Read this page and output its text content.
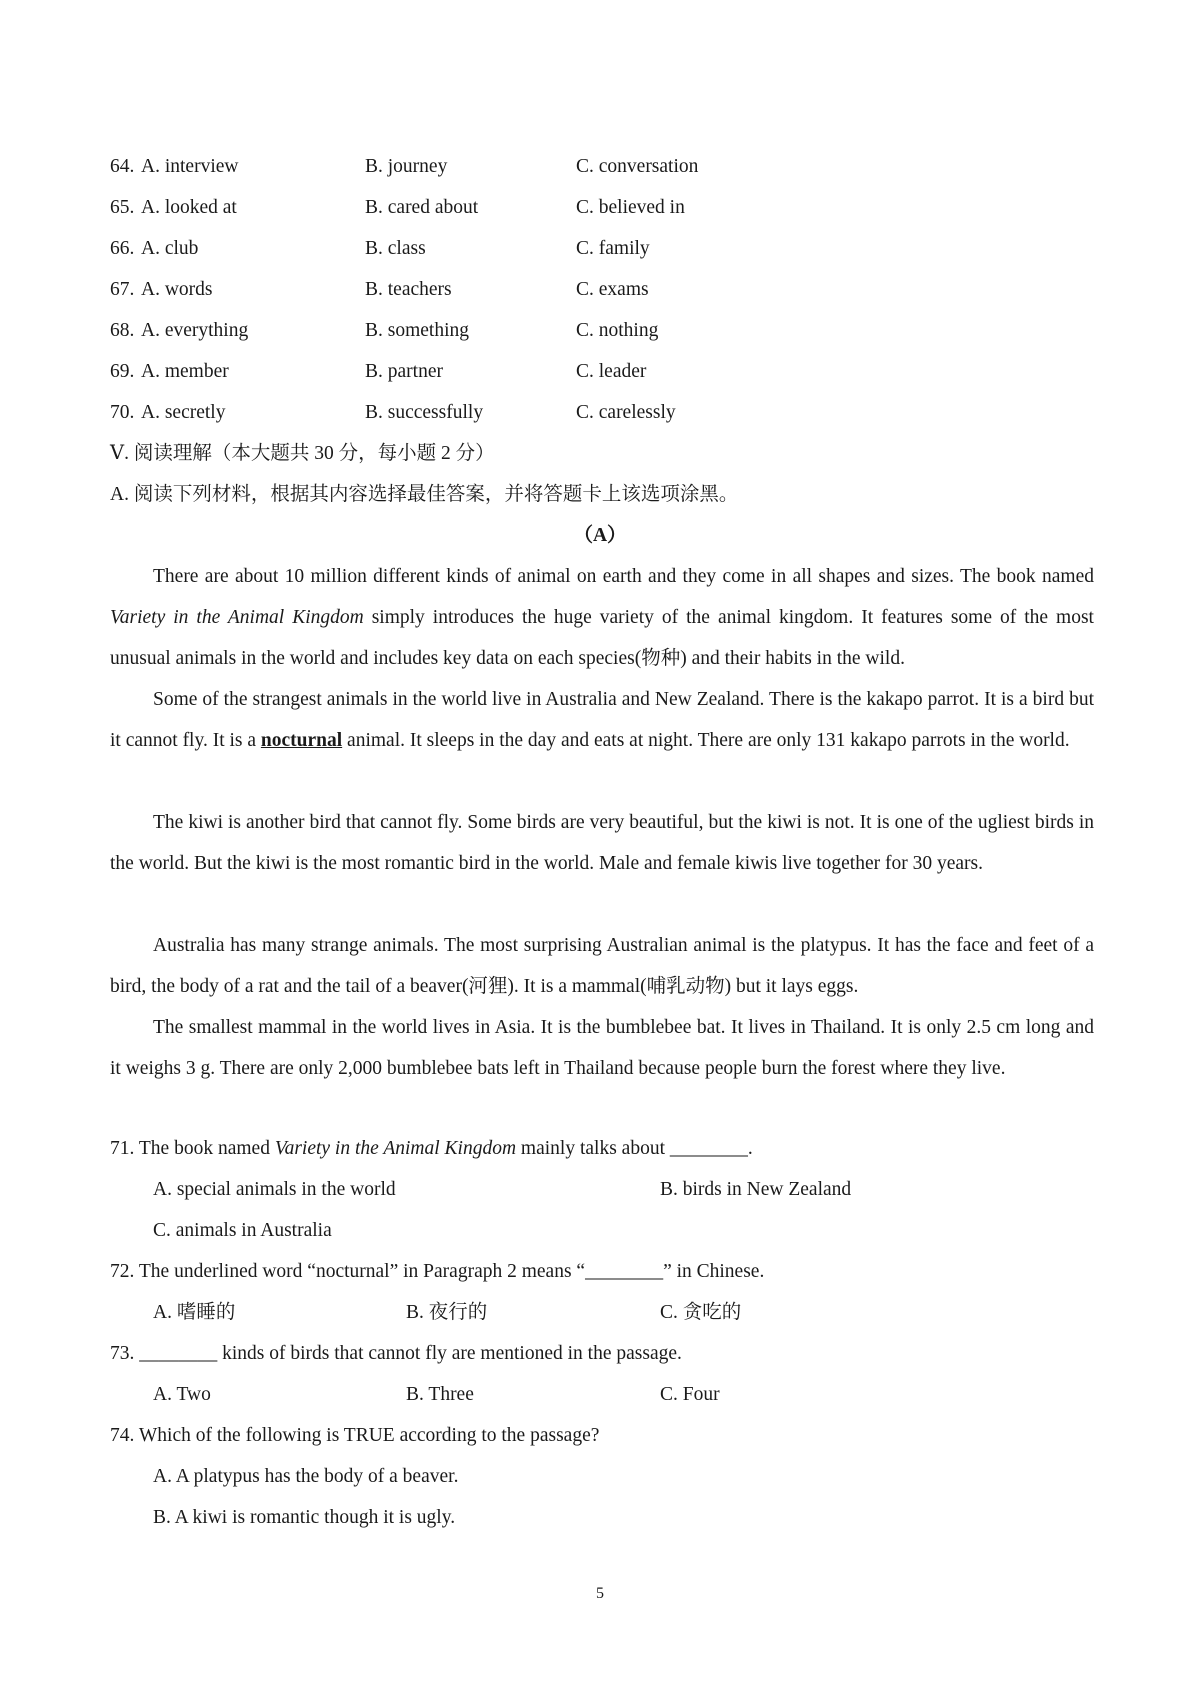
64. A. interview	B. journey	C. conversation
65. A. looked at	B. cared about	C. believed in
66. A. club	B. class	C. family
67. A. words	B. teachers	C. exams
68. A. everything	B. something	C. nothing
69. A. member	B. partner	C. leader
70. A. secretly	B. successfully	C. carelessly
Ⅴ. 阅读理解（本大题共 30 分，每小题 2 分）
A. 阅读下列材料，根据其内容选择最佳答案，并将答题卡上该选项涂黑。
（A）
There are about 10 million different kinds of animal on earth and they come in all shapes and sizes. The book named Variety in the Animal Kingdom simply introduces the huge variety of the animal kingdom. It features some of the most unusual animals in the world and includes key data on each species(物种) and their habits in the wild.
Some of the strangest animals in the world live in Australia and New Zealand. There is the kakapo parrot. It is a bird but it cannot fly. It is a nocturnal animal. It sleeps in the day and eats at night. There are only 131 kakapo parrots in the world.
The kiwi is another bird that cannot fly. Some birds are very beautiful, but the kiwi is not. It is one of the ugliest birds in the world. But the kiwi is the most romantic bird in the world. Male and female kiwis live together for 30 years.
Australia has many strange animals. The most surprising Australian animal is the platypus. It has the face and feet of a bird, the body of a rat and the tail of a beaver(河狸). It is a mammal(哺乳动物) but it lays eggs.
The smallest mammal in the world lives in Asia. It is the bumblebee bat. It lives in Thailand. It is only 2.5 cm long and it weighs 3 g. There are only 2,000 bumblebee bats left in Thailand because people burn the forest where they live.
71. The book named Variety in the Animal Kingdom mainly talks about ________.
A. special animals in the world	B. birds in New Zealand
C. animals in Australia
72. The underlined word “nocturnal” in Paragraph 2 means “________” in Chinese.
A. 嗜睡的	B. 夜行的	C. 贪吃的
73. ________ kinds of birds that cannot fly are mentioned in the passage.
A. Two	B. Three	C. Four
74. Which of the following is TRUE according to the passage?
A. A platypus has the body of a beaver.
B. A kiwi is romantic though it is ugly.
5
